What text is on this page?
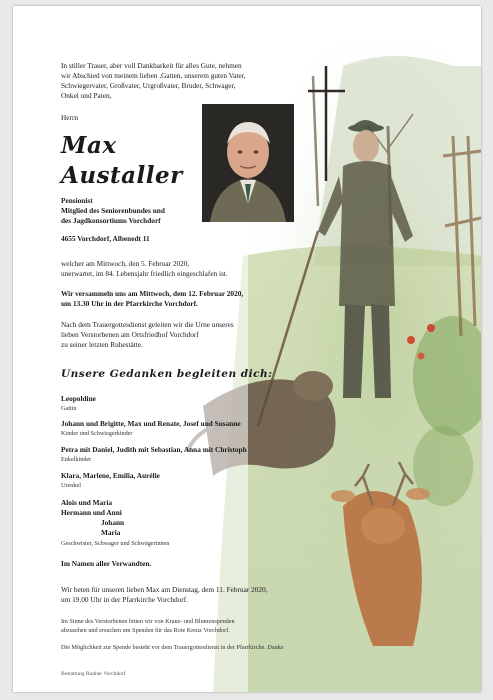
In stiller Trauer, aber voll Dankbarkeit für alles Gute, nehmen
wir Abschied von meinem lieben ,Gatten, unserem guten Vater,
Schwiegervater, Großvater, Urgroßvater, Bruder, Schwager,
Onkel und Paten,
Herrn
Max
Austaller
Pensionist
Mitglied des Seniorenbundes und
des Jagdkonsortiums Vorchdorf
4655 Vorchdorf, Albenedt 11
welcher am Mittwoch, den 5. Februar 2020,
unerwartet, im 84. Lebensjahr friedlich eingeschlafen ist.
Wir versammeln uns am Mittwoch, dem 12. Februar 2020,
um 13.30 Uhr in der Pfarrkirche Vorchdorf.
Nach dem Trauergottesdienst geleiten wir die Urne unseres
lieben Verstorbenen am Ortsfriedhof Vorchdorf
zu seiner letzten Ruhestätte.
Unsere Gedanken begleiten dich:
Leopoldine
Gattin
Johann und Brigitte, Max und Renate, Josef und Susanne
Kinder und Schwiegerkinder
Petra mit Daniel, Judith mit Sebastian, Anna mit Christoph
Enkelkinder
Klara, Marlene, Emilia, Aurélie
Urenkel
Alois und Maria
Hermann und Anni
Johann
Maria
Geschwister, Schwager und Schwägerinnen
Im Namen aller Verwandten.
Wir beten für unseren lieben Max am Dienstag, dem 11. Februar 2020,
um 19.00 Uhr in der Pfarrkirche Vorchdorf.
Im Sinne des Verstorbenen bitten wir von Kranz- und Blumenspenden
abzusehen und ersuchen um Spenden für das Rote Kreuz Vorchdorf.
Die Möglichkeit zur Spende besteht vor dem Trauergottesdienst in der Pfarrkirche. Danke
Bestattung Rudner Vorchdorf
